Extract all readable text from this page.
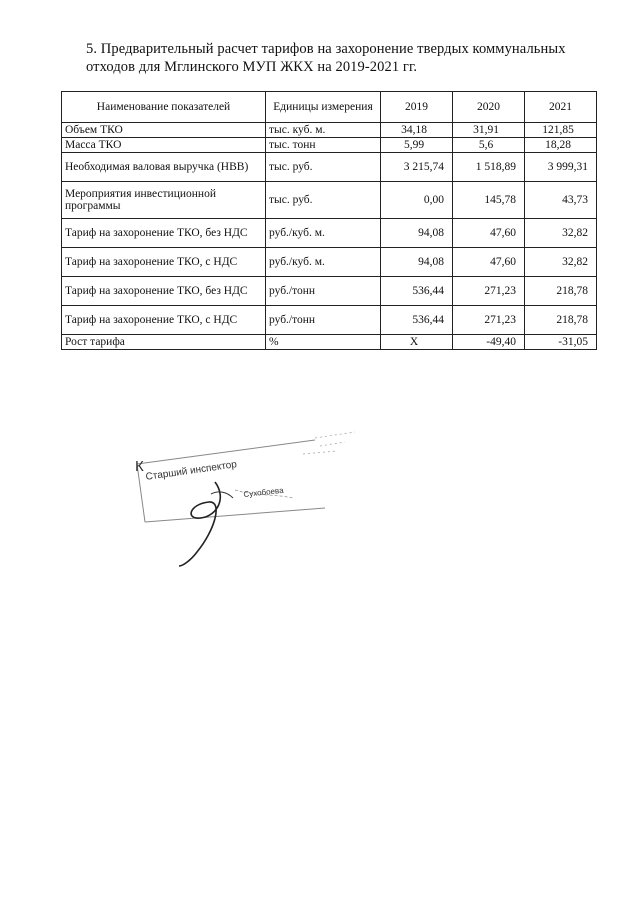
5. Предварительный расчет тарифов на захоронение твердых коммунальных отходов для Мглинского МУП ЖКХ на 2019-2021 гг.

Наименование показателей	Единицы измерения	2019	2020	2021
Объем ТКО	тыс. куб. м.	34,18	31,91	121,85
Масса ТКО	тыс. тонн	5,99	5,6	18,28
Необходимая валовая выручка (НВВ)	тыс. руб.	3 215,74	1 518,89	3 999,31
Мероприятия инвестиционной программы	тыс. руб.	0,00	145,78	43,73
Тариф на захоронение ТКО, без НДС	руб./куб. м.	94,08	47,60	32,82
Тариф на захоронение ТКО, с НДС	руб./куб. м.	94,08	47,60	32,82
Тариф на захоронение ТКО, без НДС	руб./тонн	536,44	271,23	218,78
Тариф на захоронение ТКО, с НДС	руб./тонн	536,44	271,23	218,78
Рост тарифа	%	X	-49,40	-31,05
К Старший инспектор
Сухобоева
